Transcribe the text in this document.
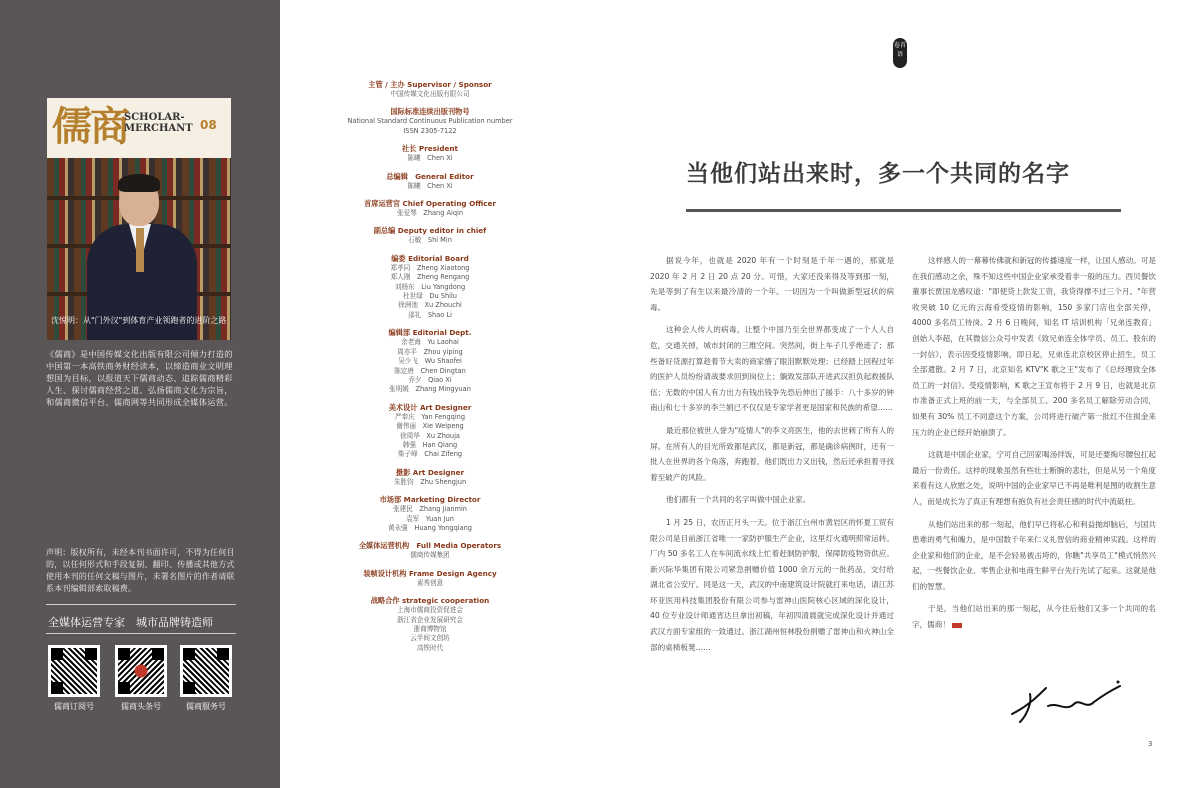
儒商
SCHOLAR-
MERCHANT 08
沈悦明：从"门外汉"到体育产业领跑者的进阶之路

《儒商》是中国传媒文化出版有限公司倾力打造的中国第一本高铁商务财经读本，以缔造商业文明理想国为目标，以报道天下儒商动态、追踪儒商精彩人生、探讨儒商经营之道、弘扬儒商文化为宗旨，和儒商微信平台、儒商网等共同形成全媒体运营。

声明：版权所有，未经本刊书面许可，不得为任何目的，以任何形式和手段复制、翻印、传播或其他方式使用本刊的任何文稿与图片，未署名图片的作者请联系本刊编辑部索取稿费。

全媒体运营专家　城市品牌铸造师
儒商订阅号	儒商头条号	儒商服务号
主管 / 主办 Supervisor / Sponsor
中国传媒文化出版有限公司
国际标准连续出版刊物号
National Standard Continuous Publication number
ISSN 2305-7122
社长 President
陈曦　Chen Xi
总编辑　General Editor
陈曦　Chen Xi
首席运营官 Chief Operating Officer
张爱琴　Zhang Aiqin
副总编 Deputy editor in chief
石敏　Shi Min
编委 Editorial Board
郑孝同　Zheng Xiaotong
郑人刚　Zheng Rengang
刘杨东　Liu Yangdong
杜世绿　Du Shilu
徐洲池　Xu Zhouchi
邵礼　Shao Li
编辑部 Editorial Dept.
余老海　Yu Laohai
周亦平　Zhou yiping
吴少飞　Wu Shaofei
陈定唐　Chen Dingtan
乔夕　Qiao Xi
张明媛　Zhang Mingyuan
美术设计 Art Designer
严奉庆　Yan Fengqing
谢伟丽　Xie Weipeng
徐周华　Xu Zhouja
韩强　Han Qiang
柴子峰　Chai Zifeng
摄影 Art Designer
朱胜钧　Zhu Shengjun
市场部 Marketing Director
张建民　Zhang Jianmin
袁军　Yuan Jun
黄永强　Huang Yongqiang
全媒体运营机构　Full Media Operators
儒商传媒集团
装帧设计机构 Frame Design Agency
素秀创意
战略合作 strategic cooperation
上海市儒商投资促进会
浙江省企业发展研究会
浙商博物馆
云半间文创坊
高铁时代
卷首语
当他们站出来时，多一个共同的名字

据说今年，也就是 2020 年有一个时刻是千年一遇的，那就是 2020 年 2 月 2 日 20 点 20 分。可惜，大家还没来得及等到那一刻，先是等到了有生以来最冷清的一个年。一切因为一个叫做新型冠状的病毒。

这种会人传人的病毒，让整个中国乃至全世界都变成了一个人人自危，交通关掉，城市封闭的三维空间。突然间，街上车子几乎绝迹了；那些备好货源打算趁着节大卖的商家懵了眼泪默默处理；已经踏上回程过年的医护人员纷纷请战要求回到岗位上；躺致发部队开进武汉担负起救援队伍；无数的中国人有力出力有钱出钱争先恐后伸出了援手：八十多岁的钟南山和七十多岁的李兰娟已不仅仅是专家学者更是国家和民族的希望……

最近那位被世人誉为"疫情人"的李文亮医生，他的去世刺了所有人的屏。在所有人的目光所致都是武汉，都是新冠，都是确诊病例时，还有一批人在世界的各个角落，奔跑着，他们既出力又出钱，然后还承担着寻找着至破产的风险。

他们都有一个共同的名字叫做中国企业家。

1 月 25 日，农历正月头一天。位于浙江台州市黄岩区的怀夏工贸有限公司是目前浙江省唯一一家防护服生产企业，这里灯火通明照常运转。厂内 50 多名工人在车间流水线上忙着赶制防护服，保障防疫物资供应。新兴际华集团有限公司紧急捐赠价值 1000 余万元的一批药品，交付给湖北省公安厅。同是这一天，武汉的中南建筑设计院就打来电话，请江苏环亚医用科技集团股份有限公司参与雷神山医院核心区域的深化设计，40 位专业设计师通宵达旦拿出初稿，年初四清晨就完成深化设计并通过武汉方面专家组的一致通过。浙江湖州恒林股份捐赠了雷神山和火神山全部的桌椅板凳……

这样感人的一幕幕传佛就和新冠的传播速度一样，让国人感动。可是在我们感动之余，殊不知这些中国企业家承受着非一般的压力。西贝餐饮董事长贾国龙感叹道："即使贷上款发工资，我贷得撑不过三个月。"年营收突破 10 亿元的云海肴受疫情的影响，150 多家门店也全部关停，4000 多名员工待岗。2 月 6 日晚间，知名 IT 培训机构「兄弟连教育」创始人李超，在其微信公众号中发表《致兄弟连全体学员、员工、股东的一封信》，表示因受疫情影响，即日起，兄弟连北京校区停止招生，员工全部遣散。2 月 7 日，北京知名 KTV"K 歌之王"发布了《总经理致全体员工的一封信》。受疫情影响，K 歌之王宣布将于 2 月 9 日，也就是北京市准备正式上班的前一天，与全部员工、200 多名员工解除劳动合同，如果有 30% 员工不同意这个方案，公司将进行破产第一批红不住损金来压力的企业已经开始崩溃了。

这就是中国企业家，宁可自己回家喝汤拌饭，可是还要掏尽腰包扛起最后一份责任。这样的现象虽然有些壮士断腕的悲壮，但是从另一个角度来看有这人欣慰之处，说明中国的企业家早已不再是唯利是图的收割生意人，而是成长为了真正有理想有抱负有社会责任感的时代中流砥柱。

从他们站出来的那一刻起，他们早已将私心和利益抛却脑后，与国共患难的勇气和魄力，是中国数千年来仁义礼智信的商业精神实践。这样的企业家和他们的企业，是不会轻易被击垮的，你瞧"共享员工"模式悄然兴起，一些餐饮企业、零售企业和电商生鲜平台先行先试了起来。这就是他们的智慧。

于是，当他们站出来的那一刻起，从今往后他们又多一个共同的名字，儒商！

3
